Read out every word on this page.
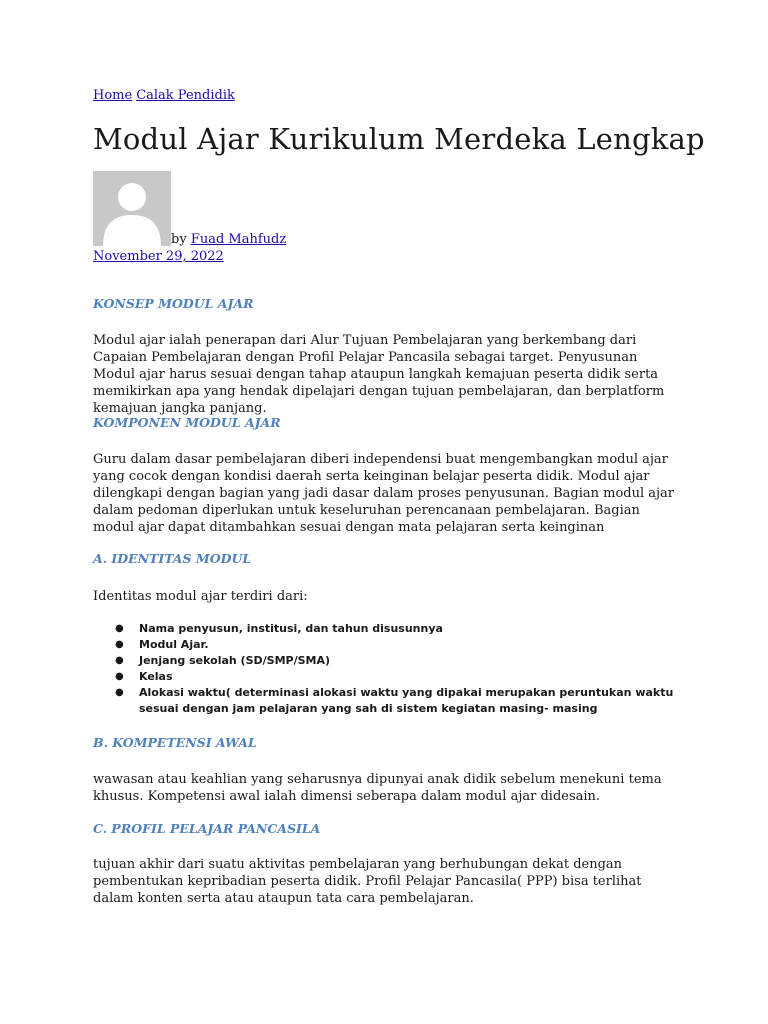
Home Calak Pendidik
Modul Ajar Kurikulum Merdeka Lengkap
by Fuad Mahfudz
November 29, 2022
KONSEP MODUL AJAR

Modul ajar ialah penerapan dari Alur Tujuan Pembelajaran yang berkembang dari Capaian Pembelajaran dengan Profil Pelajar Pancasila sebagai target. Penyusunan Modul ajar harus sesuai dengan tahap ataupun langkah kemajuan peserta didik serta memikirkan apa yang hendak dipelajari dengan tujuan pembelajaran, dan berplatform kemajuan jangka panjang.

KOMPONEN MODUL AJAR

Guru dalam dasar pembelajaran diberi independensi buat mengembangkan modul ajar yang cocok dengan kondisi daerah serta keinginan belajar peserta didik. Modul ajar dilengkapi dengan bagian yang jadi dasar dalam proses penyusunan. Bagian modul ajar dalam pedoman diperlukan untuk keseluruhan perencanaan pembelajaran. Bagian modul ajar dapat ditambahkan sesuai dengan mata pelajaran serta keinginan

A. IDENTITAS MODUL

Identitas modul ajar terdiri dari:

● Nama penyusun, institusi, dan tahun disusunnya
● Modul Ajar.
● Jenjang sekolah (SD/SMP/SMA)
● Kelas
● Alokasi waktu( determinasi alokasi waktu yang dipakai merupakan peruntukan waktu sesuai dengan jam pelajaran yang sah di sistem kegiatan masing- masing
B. KOMPETENSI AWAL

wawasan atau keahlian yang seharusnya dipunyai anak didik sebelum menekuni tema khusus. Kompetensi awal ialah dimensi seberapa dalam modul ajar didesain.

C. PROFIL PELAJAR PANCASILA

tujuan akhir dari suatu aktivitas pembelajaran yang berhubungan dekat dengan pembentukan kepribadian peserta didik. Profil Pelajar Pancasila( PPP) bisa terlihat dalam konten serta atau ataupun tata cara pembelajaran.
